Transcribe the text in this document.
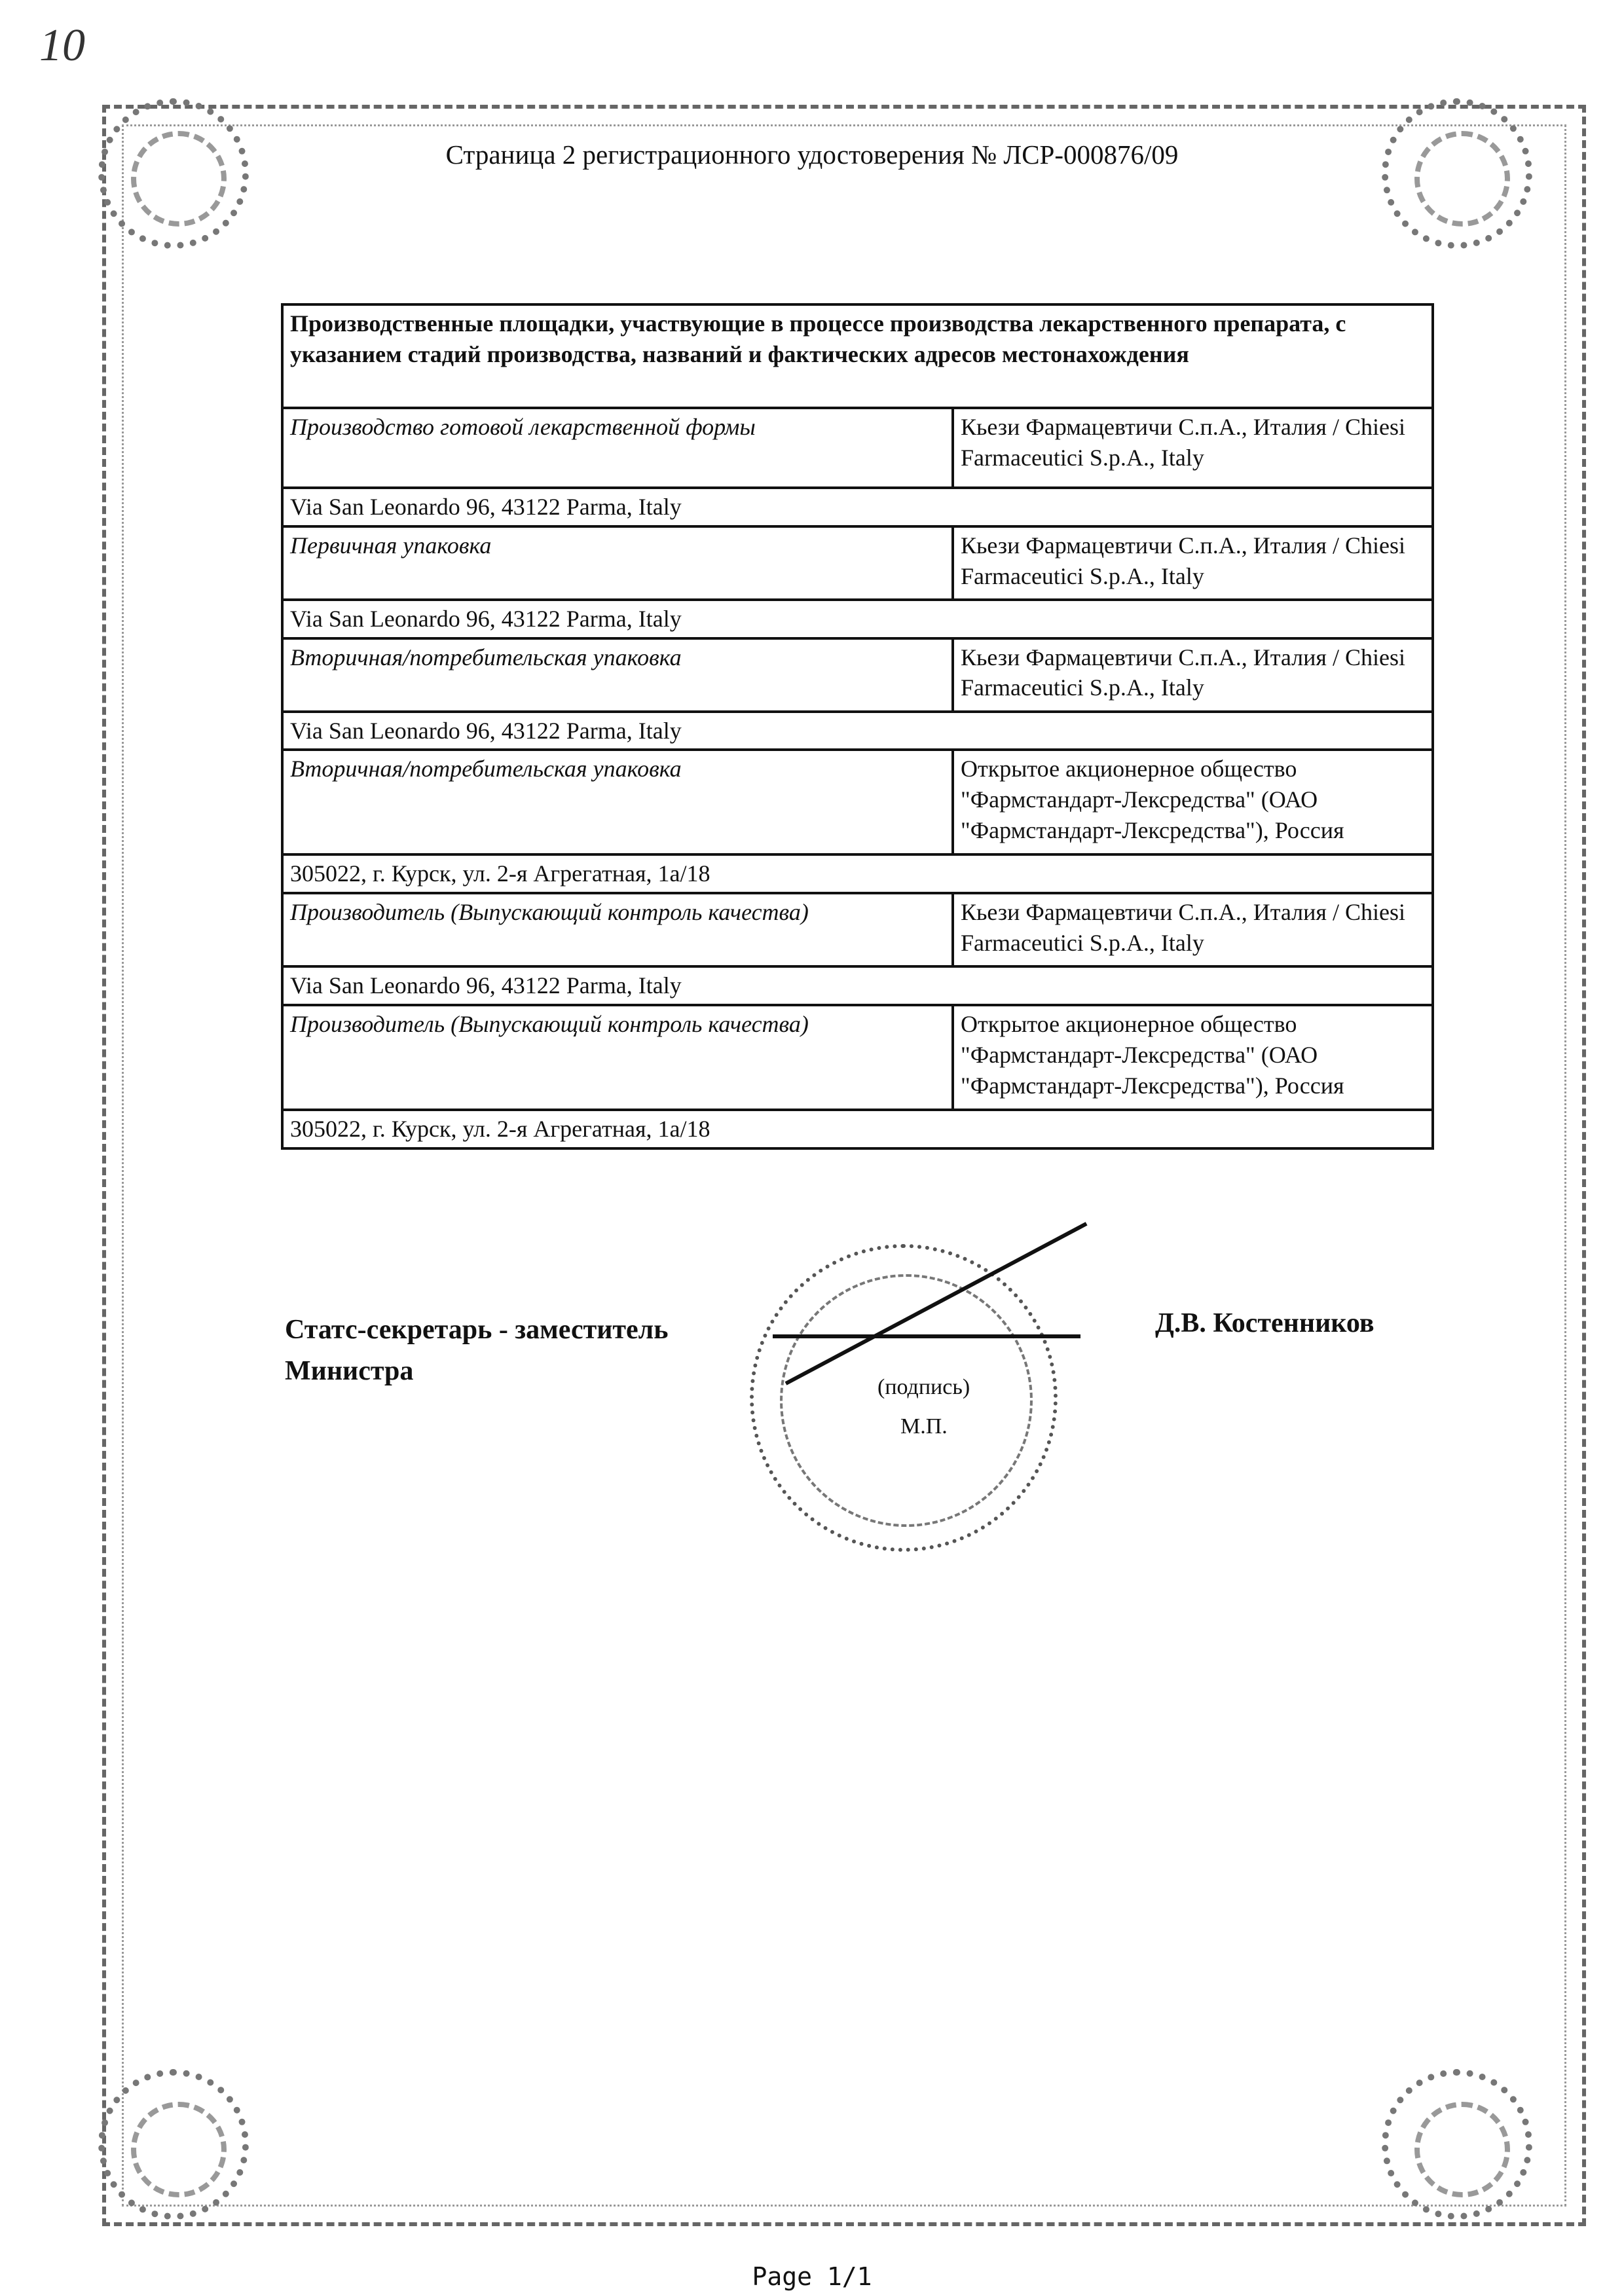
10
Страница 2 регистрационного удостоверения № ЛСР-000876/09
Производственные площадки, участвующие в процессе производства лекарственного препарата, с указанием стадий производства, названий и фактических адресов местонахождения	
Производство готовой лекарственной формы	Кьези Фармацевтичи С.п.А., Италия / Chiesi Farmaceutici S.p.A., Italy
Via San Leonardo 96, 43122 Parma, Italy	
Первичная упаковка	Кьези Фармацевтичи С.п.А., Италия / Chiesi Farmaceutici S.p.A., Italy
Via San Leonardo 96, 43122 Parma, Italy	
Вторичная/потребительская упаковка	Кьези Фармацевтичи С.п.А., Италия / Chiesi Farmaceutici S.p.A., Italy
Via San Leonardo 96, 43122 Parma, Italy	
Вторичная/потребительская упаковка	Открытое акционерное общество "Фармстандарт-Лексредства" (ОАО "Фармстандарт-Лексредства"), Россия
305022, г. Курск, ул. 2-я Агрегатная, 1а/18	
Производитель (Выпускающий контроль качества)	Кьези Фармацевтичи С.п.А., Италия / Chiesi Farmaceutici S.p.A., Italy
Via San Leonardo 96, 43122 Parma, Italy	
Производитель (Выпускающий контроль качества)	Открытое акционерное общество "Фармстандарт-Лексредства" (ОАО "Фармстандарт-Лексредства"), Россия
305022, г. Курск, ул. 2-я Агрегатная, 1а/18	
Статс-секретарь - заместитель
Министра
Д.В. Костенников
(подпись)
М.П.
Page 1/1
